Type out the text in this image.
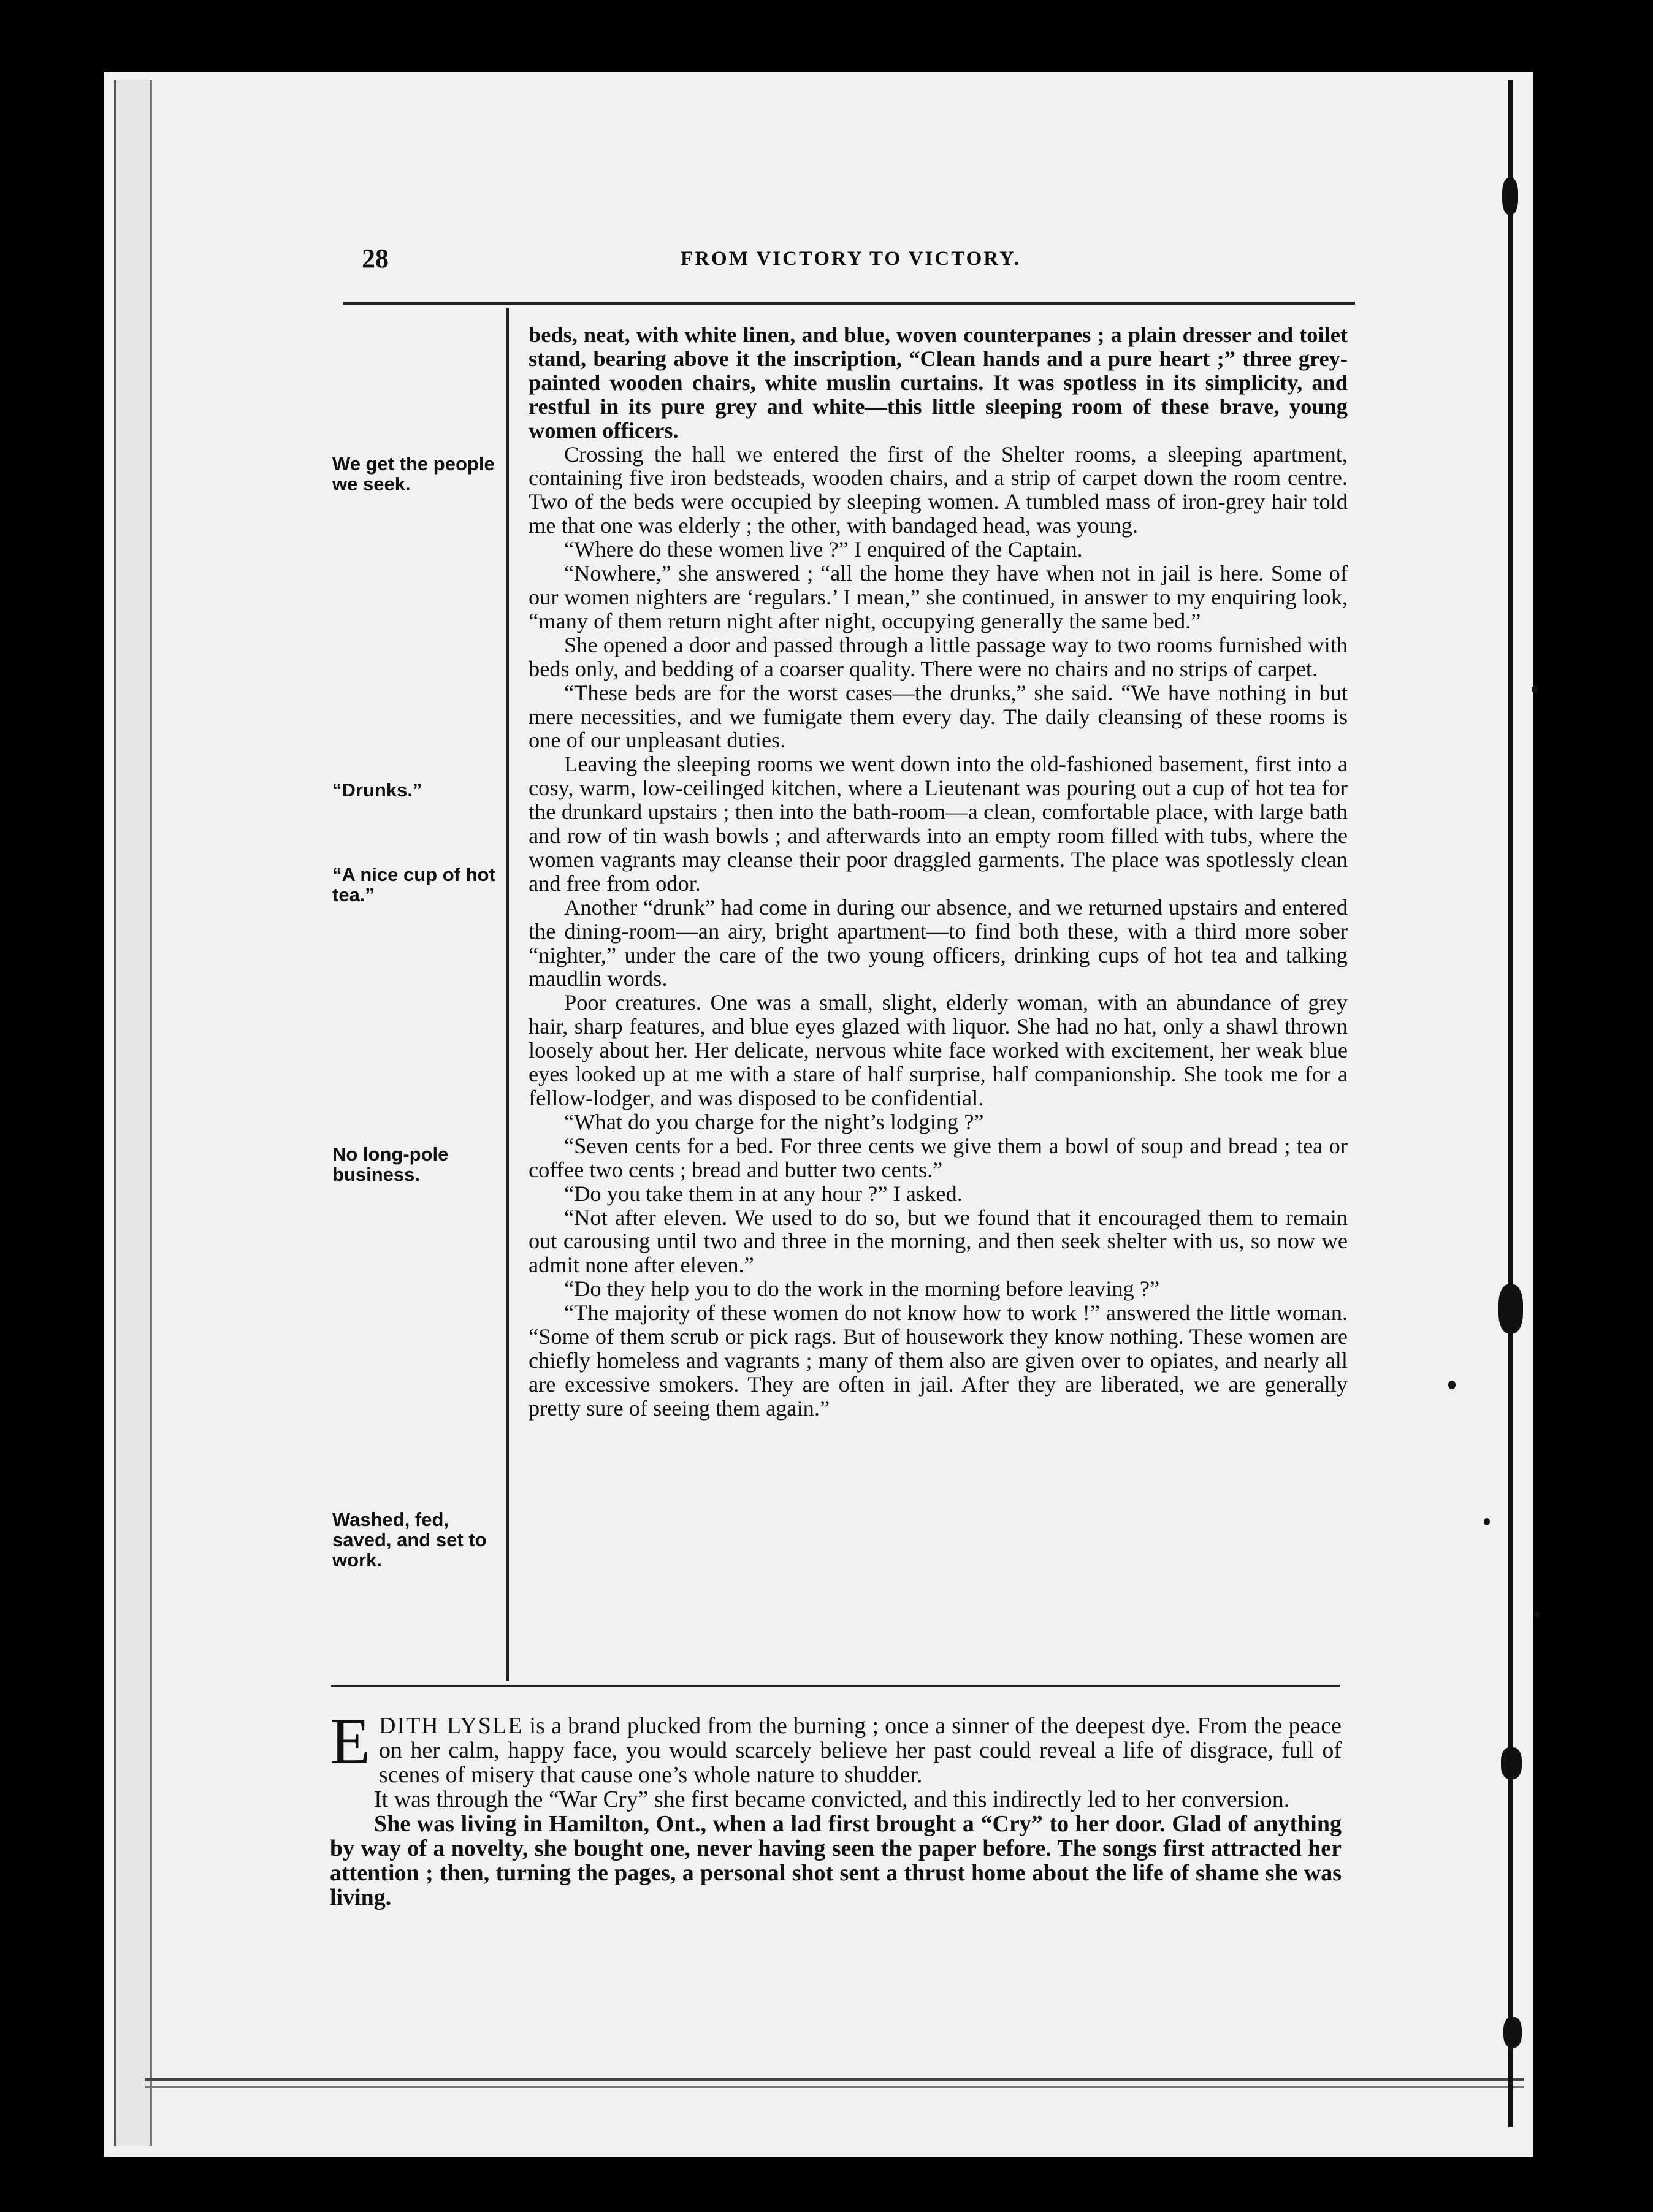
28	FROM VICTORY TO VICTORY.
We get the people we seek.
“Drunks.”
“A nice cup of hot tea.”
No long-pole business.
Washed, fed, saved, and set to work.

beds, neat, with white linen, and blue, woven counterpanes ; a plain dresser and toilet stand, bearing above it the inscription, “Clean hands and a pure heart ;” three grey-painted wooden chairs, white muslin curtains. It was spotless in its simplicity, and restful in its pure grey and white—this little sleeping room of these brave, young women officers.

Crossing the hall we entered the first of the Shelter rooms, a sleeping apartment, containing five iron bedsteads, wooden chairs, and a strip of carpet down the room centre. Two of the beds were occupied by sleeping women. A tumbled mass of iron-grey hair told me that one was elderly ; the other, with bandaged head, was young.

“Where do these women live ?” I enquired of the Captain.

“Nowhere,” she answered ; “all the home they have when not in jail is here. Some of our women nighters are ‘regulars.’ I mean,” she continued, in answer to my enquiring look, “many of them return night after night, occupying generally the same bed.”

She opened a door and passed through a little passage way to two rooms furnished with beds only, and bedding of a coarser quality. There were no chairs and no strips of carpet.

“These beds are for the worst cases—the drunks,” she said. “We have nothing in but mere necessities, and we fumigate them every day. The daily cleansing of these rooms is one of our unpleasant duties.

Leaving the sleeping rooms we went down into the old-fashioned basement, first into a cosy, warm, low-ceilinged kitchen, where a Lieutenant was pouring out a cup of hot tea for the drunkard upstairs ; then into the bath-room—a clean, comfortable place, with large bath and row of tin wash bowls ; and afterwards into an empty room filled with tubs, where the women vagrants may cleanse their poor draggled garments. The place was spotlessly clean and free from odor.

Another “drunk” had come in during our absence, and we returned upstairs and entered the dining-room—an airy, bright apartment—to find both these, with a third more sober “nighter,” under the care of the two young officers, drinking cups of hot tea and talking maudlin words.

Poor creatures. One was a small, slight, elderly woman, with an abundance of grey hair, sharp features, and blue eyes glazed with liquor. She had no hat, only a shawl thrown loosely about her. Her delicate, nervous white face worked with excitement, her weak blue eyes looked up at me with a stare of half surprise, half companionship. She took me for a fellow-lodger, and was disposed to be confidential.

“What do you charge for the night’s lodging ?”

“Seven cents for a bed. For three cents we give them a bowl of soup and bread ; tea or coffee two cents ; bread and butter two cents.”

“Do you take them in at any hour ?” I asked.

“Not after eleven. We used to do so, but we found that it encouraged them to remain out carousing until two and three in the morning, and then seek shelter with us, so now we admit none after eleven.”

“Do they help you to do the work in the morning before leaving ?”

“The majority of these women do not know how to work !” answered the little woman. “Some of them scrub or pick rags. But of housework they know nothing. These women are chiefly homeless and vagrants ; many of them also are given over to opiates, and nearly all are excessive smokers. They are often in jail. After they are liberated, we are generally pretty sure of seeing them again.”

EDITH LYSLE is a brand plucked from the burning ; once a sinner of the deepest dye. From the peace on her calm, happy face, you would scarcely believe her past could reveal a life of disgrace, full of scenes of misery that cause one’s whole nature to shudder.

It was through the “War Cry” she first became convicted, and this indirectly led to her conversion.

She was living in Hamilton, Ont., when a lad first brought a “Cry” to her door. Glad of anything by way of a novelty, she bought one, never having seen the paper before. The songs first attracted her attention ; then, turning the pages, a personal shot sent a thrust home about the life of shame she was living.
